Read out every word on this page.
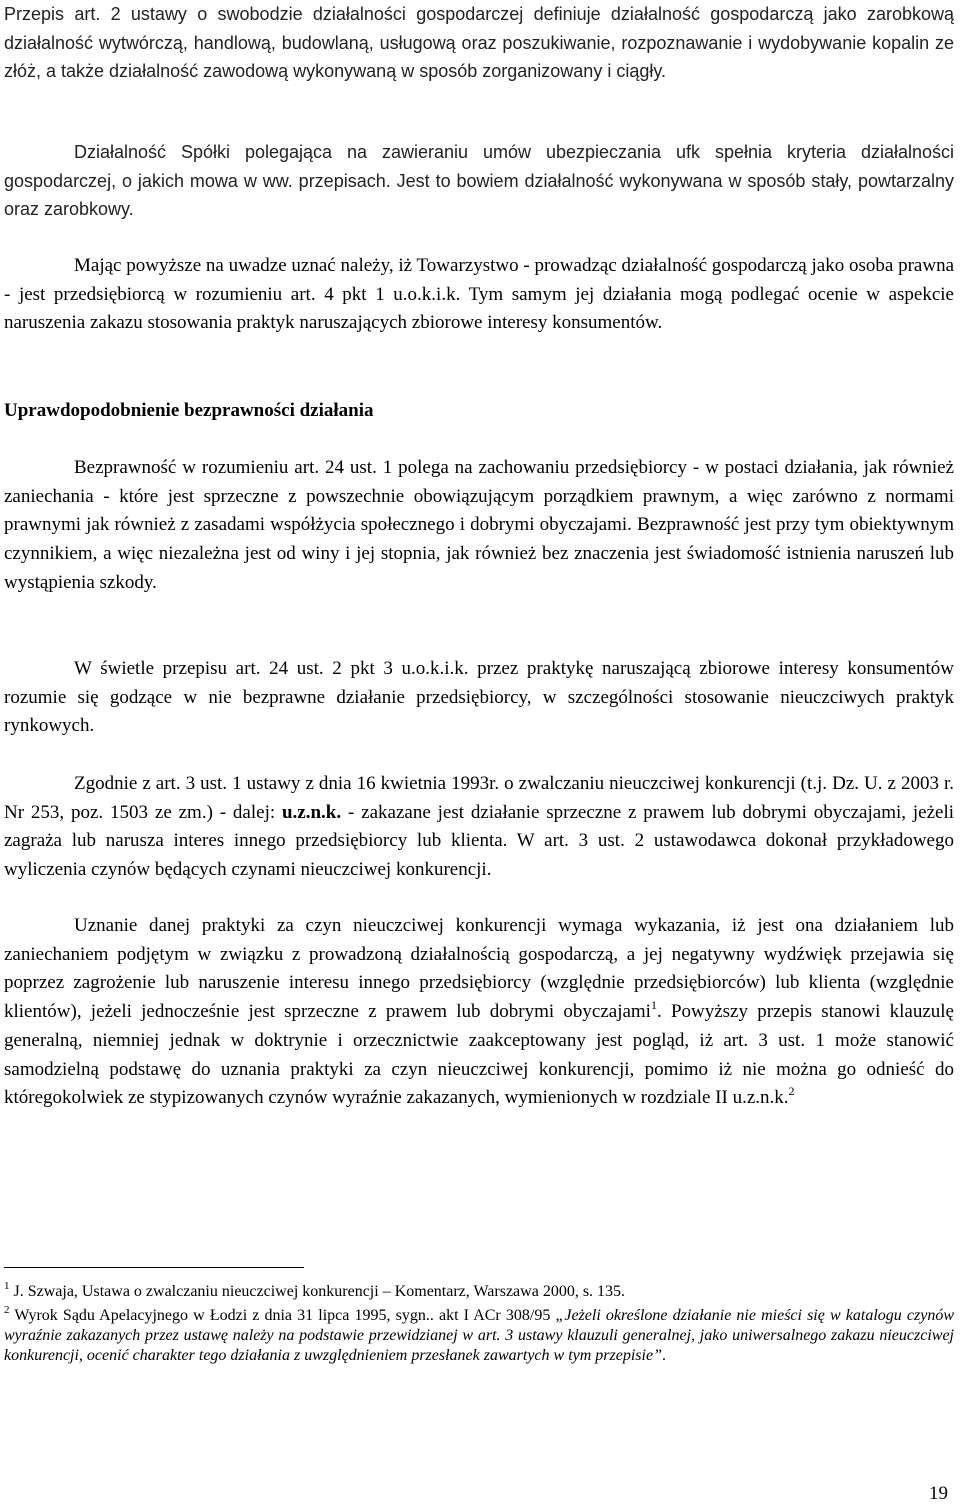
Przepis art. 2 ustawy o swobodzie działalności gospodarczej definiuje działalność gospodarczą jako zarobkową działalność wytwórczą, handlową, budowlaną, usługową oraz poszukiwanie, rozpoznawanie i wydobywanie kopalin ze złóż, a także działalność zawodową wykonywaną w sposób zorganizowany i ciągły.

Działalność Spółki polegająca na zawieraniu umów ubezpieczania ufk spełnia kryteria działalności gospodarczej, o jakich mowa w ww. przepisach. Jest to bowiem działalność wykonywana w sposób stały, powtarzalny oraz zarobkowy.

Mając powyższe na uwadze uznać należy, iż Towarzystwo - prowadząc działalność gospodarczą jako osoba prawna - jest przedsiębiorcą w rozumieniu art. 4 pkt 1 u.o.k.i.k. Tym samym jej działania mogą podlegać ocenie w aspekcie naruszenia zakazu stosowania praktyk naruszających zbiorowe interesy konsumentów.

Uprawdopodobnienie bezprawności działania

Bezprawność w rozumieniu art. 24 ust. 1 polega na zachowaniu przedsiębiorcy - w postaci działania, jak również zaniechania - które jest sprzeczne z powszechnie obowiązującym porządkiem prawnym, a więc zarówno z normami prawnymi jak również z zasadami współżycia społecznego i dobrymi obyczajami. Bezprawność jest przy tym obiektywnym czynnikiem, a więc niezależna jest od winy i jej stopnia, jak również bez znaczenia jest świadomość istnienia naruszeń lub wystąpienia szkody.

W świetle przepisu art. 24 ust. 2 pkt 3 u.o.k.i.k. przez praktykę naruszającą zbiorowe interesy konsumentów rozumie się godzące w nie bezprawne działanie przedsiębiorcy, w szczególności stosowanie nieuczciwych praktyk rynkowych.

Zgodnie z art. 3 ust. 1 ustawy z dnia 16 kwietnia 1993r. o zwalczaniu nieuczciwej konkurencji (t.j. Dz. U. z 2003 r. Nr 253, poz. 1503 ze zm.) - dalej: u.z.n.k. - zakazane jest działanie sprzeczne z prawem lub dobrymi obyczajami, jeżeli zagraża lub narusza interes innego przedsiębiorcy lub klienta. W art. 3 ust. 2 ustawodawca dokonał przykładowego wyliczenia czynów będących czynami nieuczciwej konkurencji.

Uznanie danej praktyki za czyn nieuczciwej konkurencji wymaga wykazania, iż jest ona działaniem lub zaniechaniem podjętym w związku z prowadzoną działalnością gospodarczą, a jej negatywny wydźwięk przejawia się poprzez zagrożenie lub naruszenie interesu innego przedsiębiorcy (względnie przedsiębiorców) lub klienta (względnie klientów), jeżeli jednocześnie jest sprzeczne z prawem lub dobrymi obyczajami$^1$. Powyższy przepis stanowi klauzulę generalną, niemniej jednak w doktrynie i orzecznictwie zaakceptowany jest pogląd, iż art. 3 ust. 1 może stanowić samodzielną podstawę do uznania praktyki za czyn nieuczciwej konkurencji, pomimo iż nie można go odnieść do któregokolwiek ze stypizowanych czynów wyraźnie zakazanych, wymienionych w rozdziale II u.z.n.k.$^2$

$^1$ J. Szwaja, Ustawa o zwalczaniu nieuczciwej konkurencji – Komentarz, Warszawa 2000, s. 135.

$^2$ Wyrok Sądu Apelacyjnego w Łodzi z dnia 31 lipca 1995, sygn.. akt I ACr 308/95 „Jeżeli określone działanie nie mieści się w katalogu czynów wyraźnie zakazanych przez ustawę należy na podstawie przewidzianej w art. 3 ustawy klauzuli generalnej, jako uniwersalnego zakazu nieuczciwej konkurencji, ocenić charakter tego działania z uwzględnieniem przesłanek zawartych w tym przepisie”.

19
